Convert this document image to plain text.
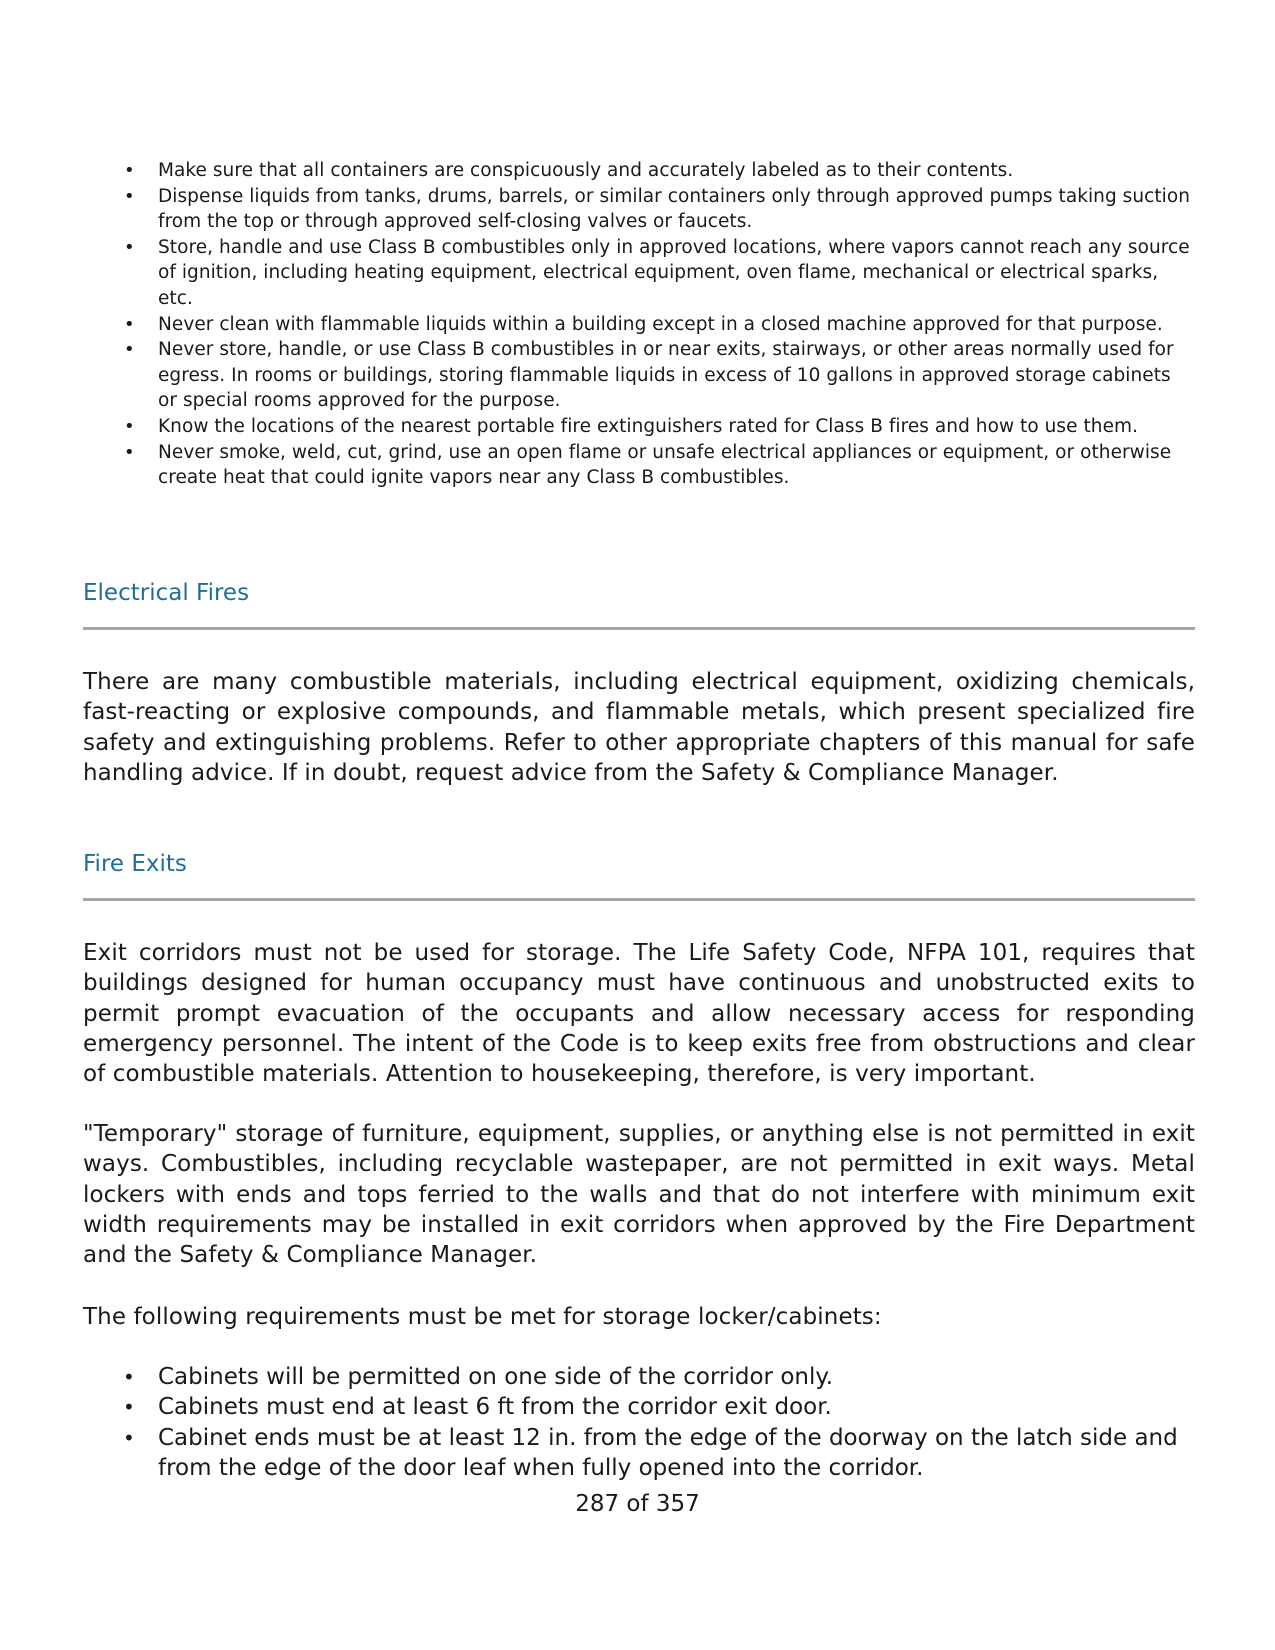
• Make sure that all containers are conspicuously and accurately labeled as to their contents.
• Dispense liquids from tanks, drums, barrels, or similar containers only through approved pumps taking suction from the top or through approved self-closing valves or faucets.
• Store, handle and use Class B combustibles only in approved locations, where vapors cannot reach any source of ignition, including heating equipment, electrical equipment, oven flame, mechanical or electrical sparks, etc.
• Never clean with flammable liquids within a building except in a closed machine approved for that purpose.
• Never store, handle, or use Class B combustibles in or near exits, stairways, or other areas normally used for egress. In rooms or buildings, storing flammable liquids in excess of 10 gallons in approved storage cabinets or special rooms approved for the purpose.
• Know the locations of the nearest portable fire extinguishers rated for Class B fires and how to use them.
• Never smoke, weld, cut, grind, use an open flame or unsafe electrical appliances or equipment, or otherwise create heat that could ignite vapors near any Class B combustibles.
Electrical Fires

There are many combustible materials, including electrical equipment, oxidizing chemicals, fast-reacting or explosive compounds, and flammable metals, which present specialized fire safety and extinguishing problems. Refer to other appropriate chapters of this manual for safe handling advice. If in doubt, request advice from the Safety & Compliance Manager.

Fire Exits

Exit corridors must not be used for storage. The Life Safety Code, NFPA 101, requires that buildings designed for human occupancy must have continuous and unobstructed exits to permit prompt evacuation of the occupants and allow necessary access for responding emergency personnel. The intent of the Code is to keep exits free from obstructions and clear of combustible materials. Attention to housekeeping, therefore, is very important.

"Temporary" storage of furniture, equipment, supplies, or anything else is not permitted in exit ways. Combustibles, including recyclable wastepaper, are not permitted in exit ways. Metal lockers with ends and tops ferried to the walls and that do not interfere with minimum exit width requirements may be installed in exit corridors when approved by the Fire Department and the Safety & Compliance Manager.

The following requirements must be met for storage locker/cabinets:

• Cabinets will be permitted on one side of the corridor only.
• Cabinets must end at least 6 ft from the corridor exit door.
• Cabinet ends must be at least 12 in. from the edge of the doorway on the latch side and from the edge of the door leaf when fully opened into the corridor.
287 of 357
